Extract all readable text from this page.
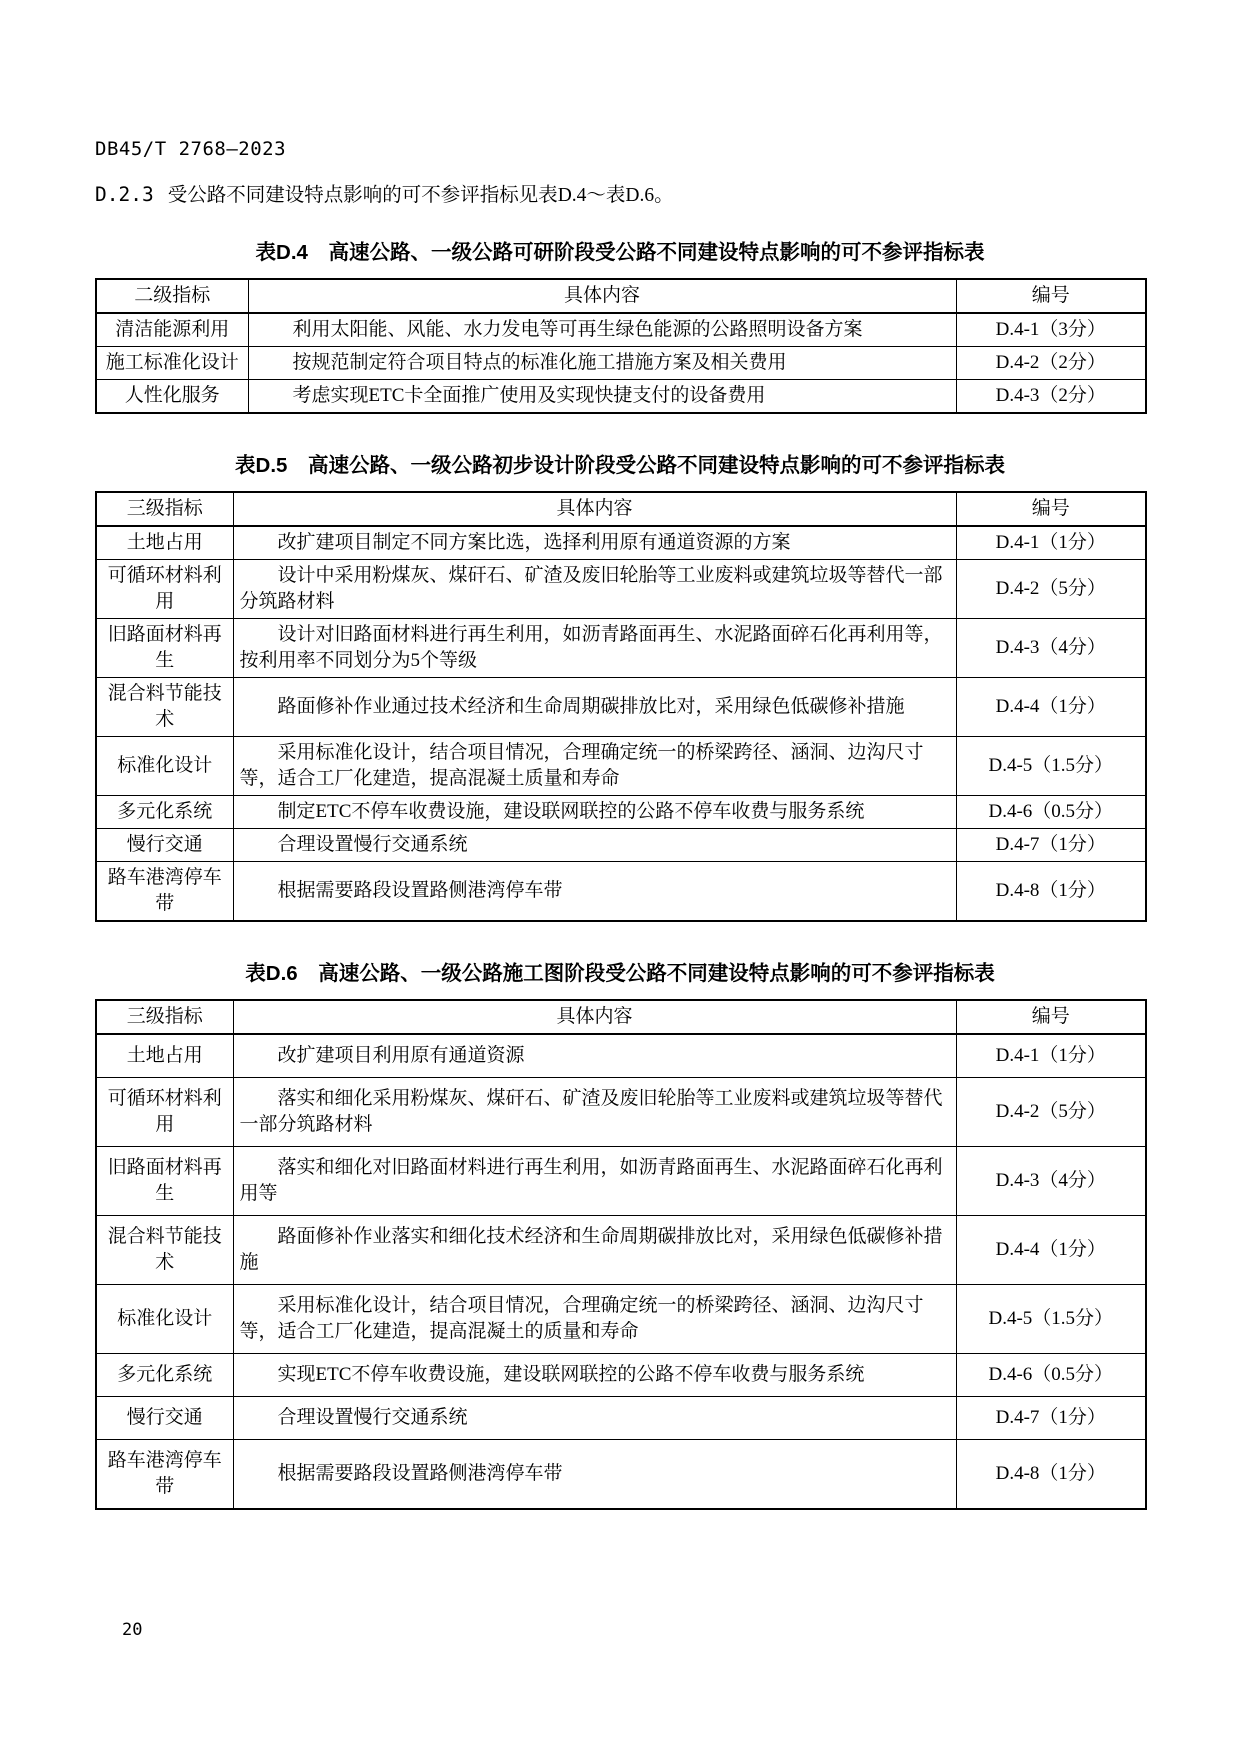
DB45/T 2768—2023

D.2.3 受公路不同建设特点影响的可不参评指标见表D.4～表D.6。

表D.4　高速公路、一级公路可研阶段受公路不同建设特点影响的可不参评指标表
二级指标	具体内容	编号
清洁能源利用	利用太阳能、风能、水力发电等可再生绿色能源的公路照明设备方案	D.4-1（3分）
施工标准化设计	按规范制定符合项目特点的标准化施工措施方案及相关费用	D.4-2（2分）
人性化服务	考虑实现ETC卡全面推广使用及实现快捷支付的设备费用	D.4-3（2分）
表D.5　高速公路、一级公路初步设计阶段受公路不同建设特点影响的可不参评指标表
三级指标	具体内容	编号
土地占用	改扩建项目制定不同方案比选，选择利用原有通道资源的方案	D.4-1（1分）
可循环材料利用	设计中采用粉煤灰、煤矸石、矿渣及废旧轮胎等工业废料或建筑垃圾等替代一部分筑路材料	D.4-2（5分）
旧路面材料再生	设计对旧路面材料进行再生利用，如沥青路面再生、水泥路面碎石化再利用等，按利用率不同划分为5个等级	D.4-3（4分）
混合料节能技术	路面修补作业通过技术经济和生命周期碳排放比对，采用绿色低碳修补措施	D.4-4（1分）
标准化设计	采用标准化设计，结合项目情况，合理确定统一的桥梁跨径、涵洞、边沟尺寸等，适合工厂化建造，提高混凝土质量和寿命	D.4-5（1.5分）
多元化系统	制定ETC不停车收费设施，建设联网联控的公路不停车收费与服务系统	D.4-6（0.5分）
慢行交通	合理设置慢行交通系统	D.4-7（1分）
路车港湾停车带	根据需要路段设置路侧港湾停车带	D.4-8（1分）
表D.6　高速公路、一级公路施工图阶段受公路不同建设特点影响的可不参评指标表
三级指标	具体内容	编号
土地占用	改扩建项目利用原有通道资源	D.4-1（1分）
可循环材料利用	落实和细化采用粉煤灰、煤矸石、矿渣及废旧轮胎等工业废料或建筑垃圾等替代一部分筑路材料	D.4-2（5分）
旧路面材料再生	落实和细化对旧路面材料进行再生利用，如沥青路面再生、水泥路面碎石化再利用等	D.4-3（4分）
混合料节能技术	路面修补作业落实和细化技术经济和生命周期碳排放比对，采用绿色低碳修补措施	D.4-4（1分）
标准化设计	采用标准化设计，结合项目情况，合理确定统一的桥梁跨径、涵洞、边沟尺寸等，适合工厂化建造，提高混凝土的质量和寿命	D.4-5（1.5分）
多元化系统	实现ETC不停车收费设施，建设联网联控的公路不停车收费与服务系统	D.4-6（0.5分）
慢行交通	合理设置慢行交通系统	D.4-7（1分）
路车港湾停车带	根据需要路段设置路侧港湾停车带	D.4-8（1分）
20
